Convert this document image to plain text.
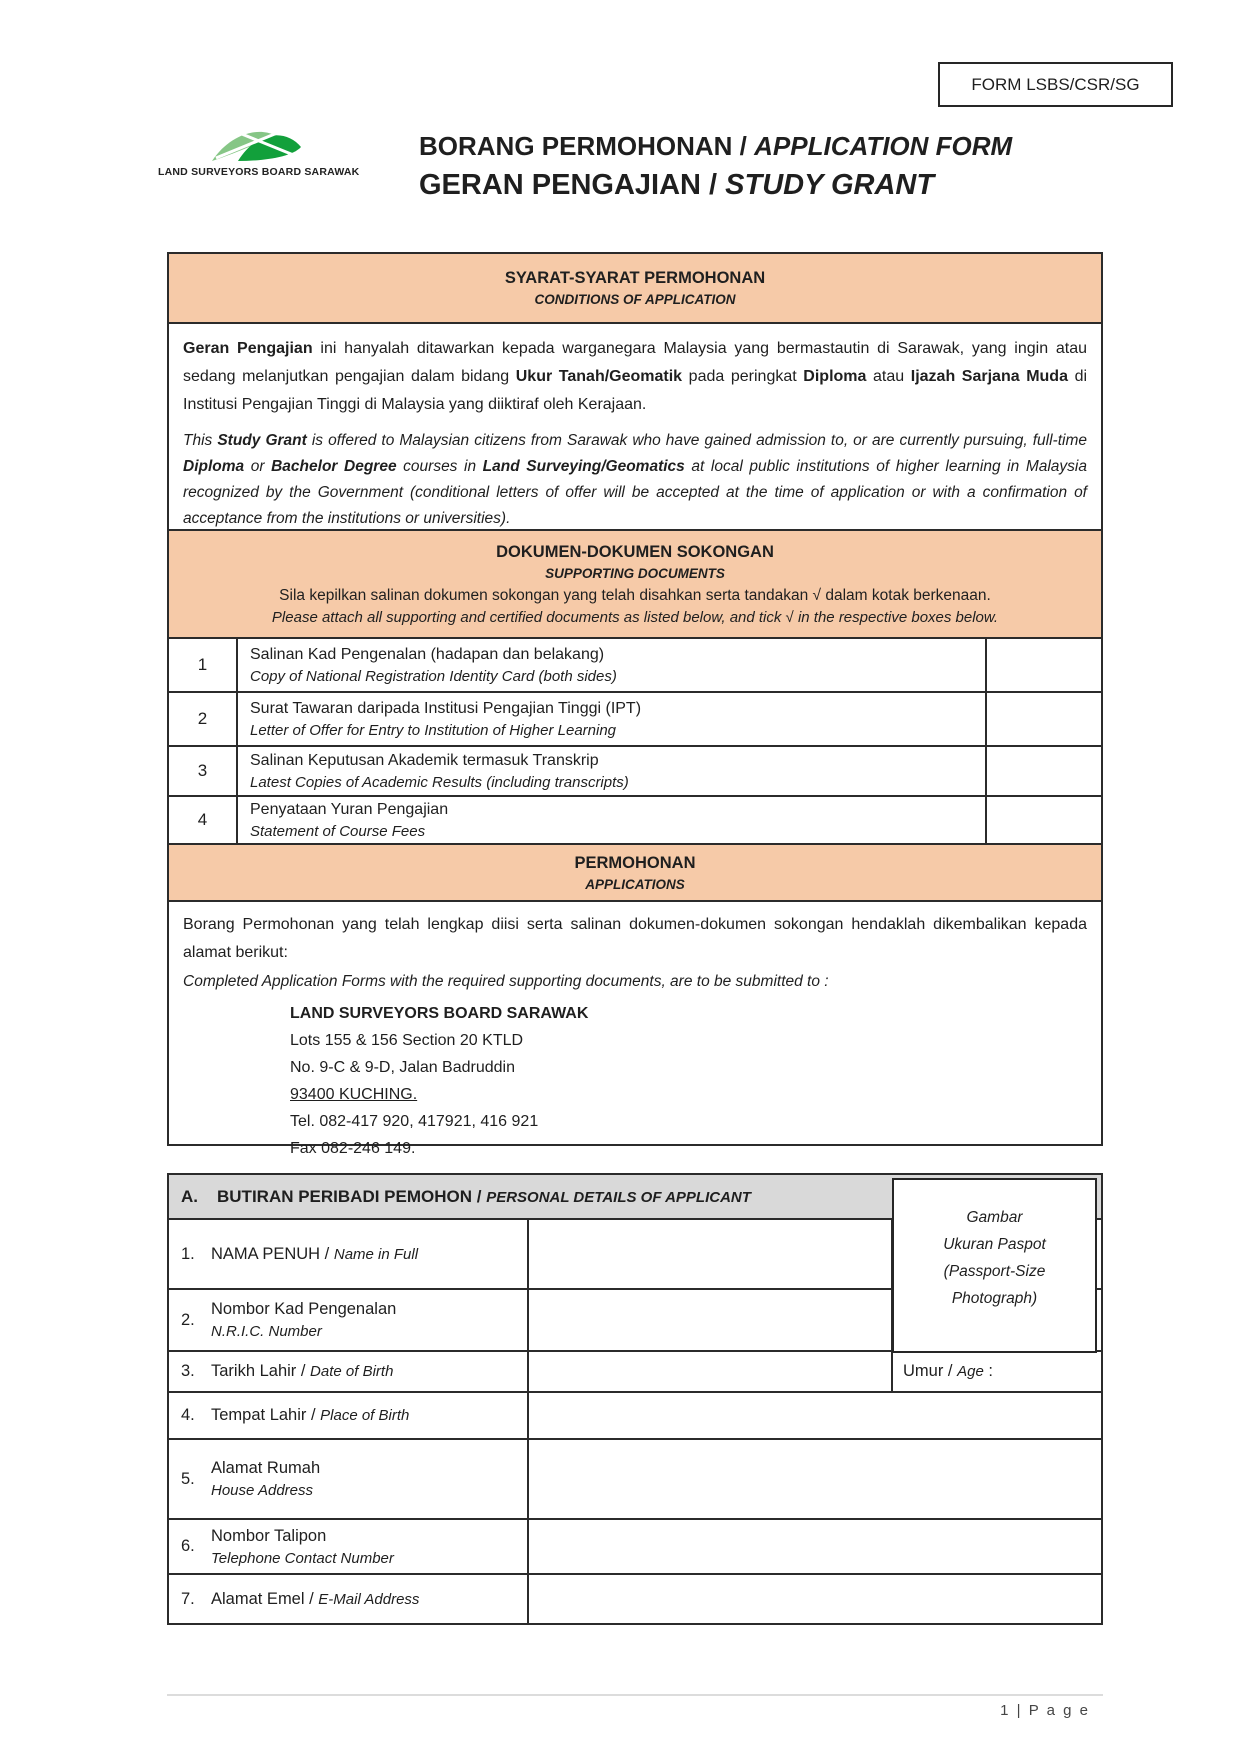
FORM LSBS/CSR/SG
LAND SURVEYORS BOARD SARAWAK
BORANG PERMOHONAN / APPLICATION FORM
GERAN PENGAJIAN / STUDY GRANT
SYARAT-SYARAT PERMOHONAN
CONDITIONS OF APPLICATION
Geran Pengajian ini hanyalah ditawarkan kepada warganegara Malaysia yang bermastautin di Sarawak, yang ingin atau sedang melanjutkan pengajian dalam bidang Ukur Tanah/Geomatik pada peringkat Diploma atau Ijazah Sarjana Muda di Institusi Pengajian Tinggi di Malaysia yang diiktiraf oleh Kerajaan.
This Study Grant is offered to Malaysian citizens from Sarawak who have gained admission to, or are currently pursuing, full-time Diploma or Bachelor Degree courses in Land Surveying/Geomatics at local public institutions of higher learning in Malaysia recognized by the Government (conditional letters of offer will be accepted at the time of application or with a confirmation of acceptance from the institutions or universities).
DOKUMEN-DOKUMEN SOKONGAN
SUPPORTING DOCUMENTS
Sila kepilkan salinan dokumen sokongan yang telah disahkan serta tandakan √ dalam kotak berkenaan.
Please attach all supporting and certified documents as listed below, and tick √ in the respective boxes below.
1
Salinan Kad Pengenalan (hadapan dan belakang)
Copy of National Registration Identity Card (both sides)
2
Surat Tawaran daripada Institusi Pengajian Tinggi (IPT)
Letter of Offer for Entry to Institution of Higher Learning
3
Salinan Keputusan Akademik termasuk Transkrip
Latest Copies of Academic Results (including transcripts)
4
Penyataan Yuran Pengajian
Statement of Course Fees
PERMOHONAN
APPLICATIONS
Borang Permohonan yang telah lengkap diisi serta salinan dokumen-dokumen sokongan hendaklah dikembalikan kepada alamat berikut:
Completed Application Forms with the required supporting documents, are to be submitted to :
LAND SURVEYORS BOARD SARAWAK
Lots 155 & 156 Section 20 KTLD
No. 9-C & 9-D, Jalan Badruddin
93400 KUCHING.
Tel. 082-417 920, 417921, 416 921
Fax 082-246 149.
A.	BUTIRAN PERIBADI PEMOHON / PERSONAL DETAILS OF APPLICANT
1. NAMA PENUH / Name in Full
2.
Nombor Kad Pengenalan
N.R.I.C. Number
3. Tarikh Lahir / Date of Birth	Umur / Age :
4. Tempat Lahir / Place of Birth
5.
Alamat Rumah
House Address
6.
Nombor Talipon
Telephone Contact Number
7. Alamat Emel / E-Mail Address
Gambar
Ukuran Paspot
(Passport-Size
Photograph)
1 | P a g e
